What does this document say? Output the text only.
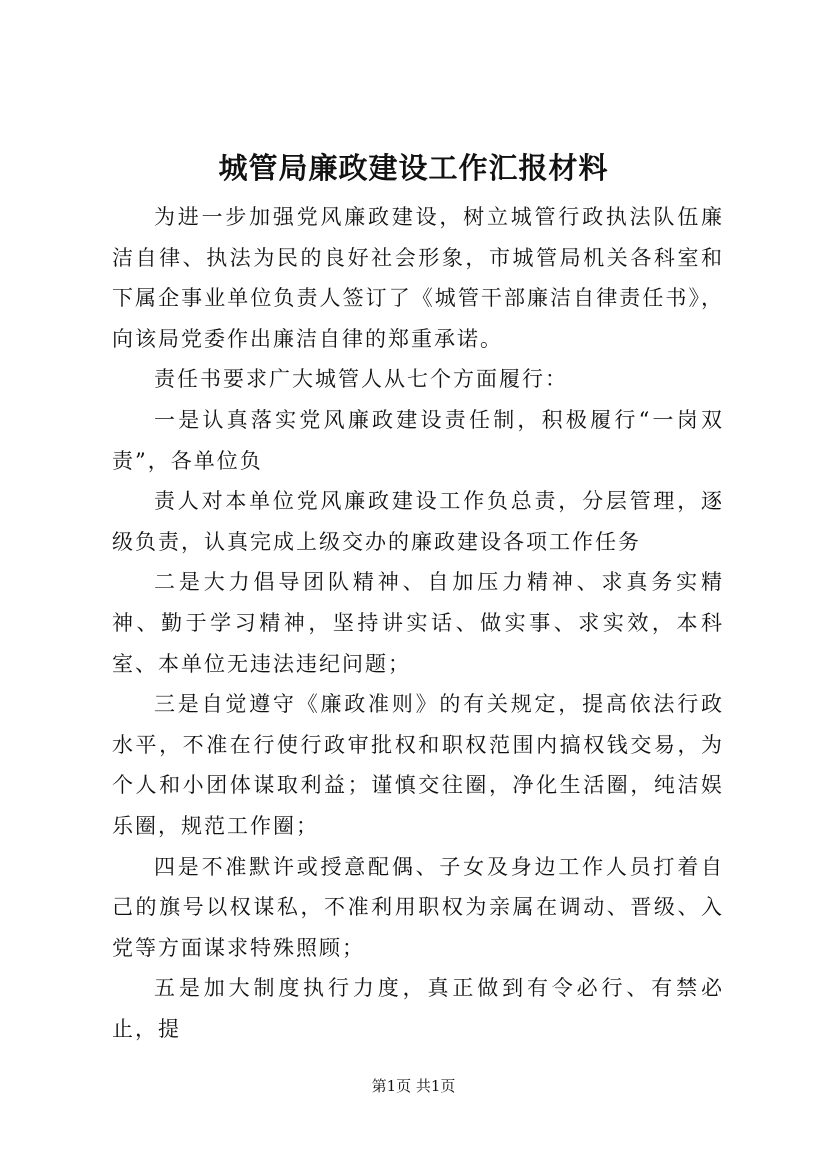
城管局廉政建设工作汇报材料

为进一步加强党风廉政建设，树立城管行政执法队伍廉洁自律、执法为民的良好社会形象，市城管局机关各科室和下属企事业单位负责人签订了《城管干部廉洁自律责任书》，向该局党委作出廉洁自律的郑重承诺。

责任书要求广大城管人从七个方面履行：

一是认真落实党风廉政建设责任制，积极履行“一岗双责”，各单位负

责人对本单位党风廉政建设工作负总责，分层管理，逐级负责，认真完成上级交办的廉政建设各项工作任务

二是大力倡导团队精神、自加压力精神、求真务实精神、勤于学习精神，坚持讲实话、做实事、求实效，本科室、本单位无违法违纪问题；

三是自觉遵守《廉政准则》的有关规定，提高依法行政水平，不准在行使行政审批权和职权范围内搞权钱交易，为个人和小团体谋取利益；谨慎交往圈，净化生活圈，纯洁娱乐圈，规范工作圈；

四是不准默许或授意配偶、子女及身边工作人员打着自己的旗号以权谋私，不准利用职权为亲属在调动、晋级、入党等方面谋求特殊照顾；

五是加大制度执行力度，真正做到有令必行、有禁必止，提

第1页 共1页
